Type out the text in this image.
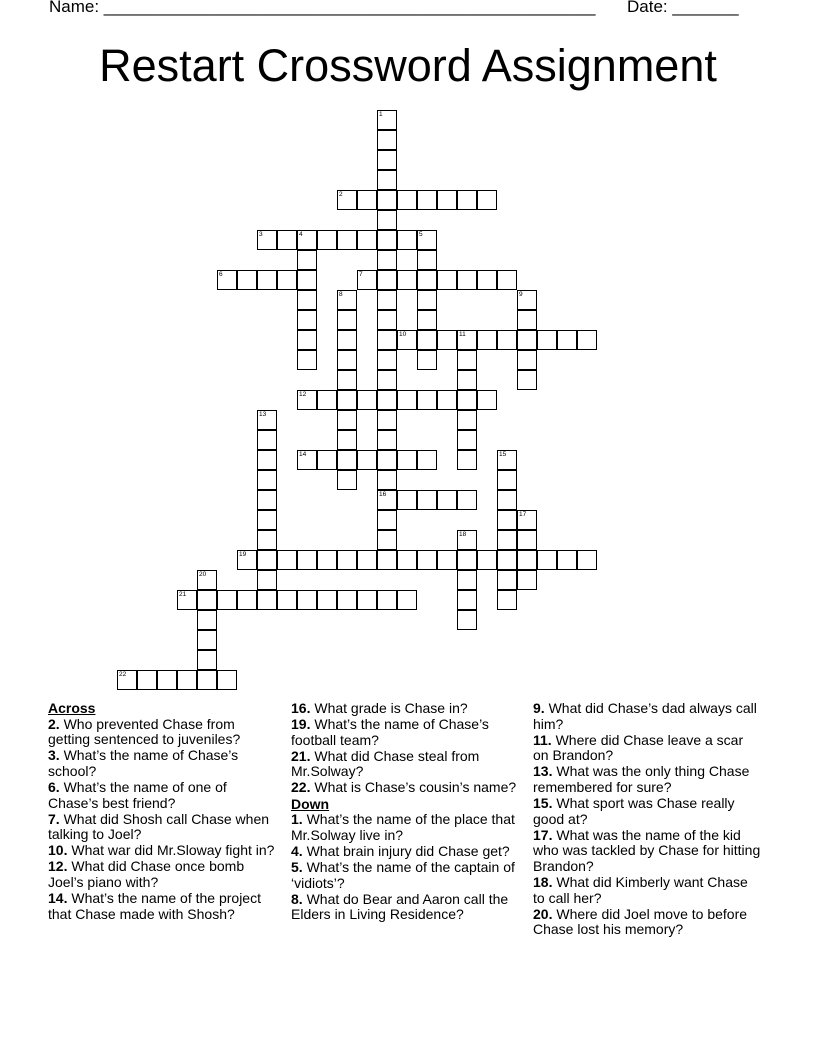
Name: ____________________________________________________ Date: _______
Restart Crossword Assignment
1
16
2
3	4	5
6	7
8	9
10	11
12
13
14	15
17
18
19
20
21
22

Across

2. Who prevented Chase from getting sentenced to juveniles?
3. What’s the name of Chase’s school?
6. What’s the name of one of Chase’s best friend?
7. What did Shosh call Chase when talking to Joel?
10. What war did Mr.Sloway fight in?
12. What did Chase once bomb Joel’s piano with?
14. What’s the name of the project that Chase made with Shosh?
16. What grade is Chase in?
19. What’s the name of Chase’s football team?
21. What did Chase steal from Mr.Solway?
22. What is Chase’s cousin’s name?

Down

1. What’s the name of the place that Mr.Solway live in?
4. What brain injury did Chase get?
5. What’s the name of the captain of ‘vidiots’?
8. What do Bear and Aaron call the Elders in Living Residence?
9. What did Chase’s dad always call him?
11. Where did Chase leave a scar on Brandon?
13. What was the only thing Chase remembered for sure?
15. What sport was Chase really good at?
17. What was the name of the kid who was tackled by Chase for hitting Brandon?
18. What did Kimberly want Chase to call her?
20. Where did Joel move to before Chase lost his memory?
